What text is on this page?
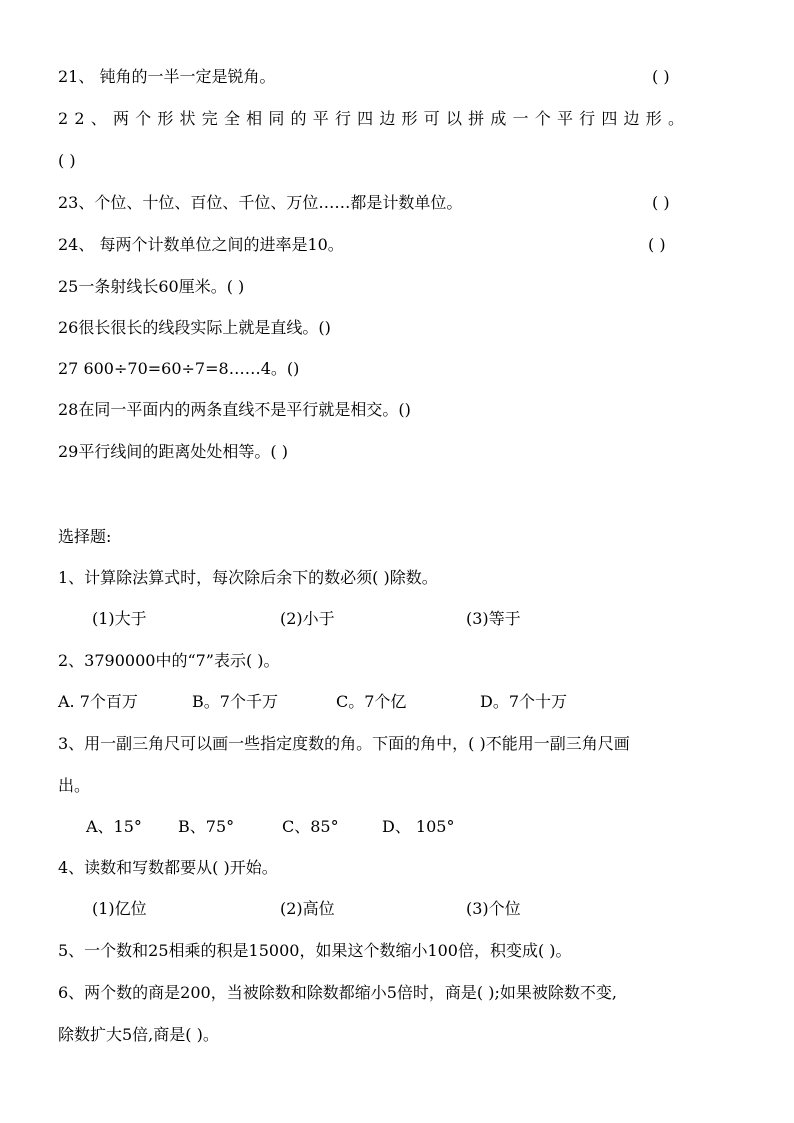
21、 钝角的一半一定是锐角。	( )
22、两个形状完全相同的平行四边形可以拼成一个平行四边形。
( )
23、个位、十位、百位、千位、万位……都是计数单位。	( )
24、 每两个计数单位之间的进率是10。	( )
25一条射线长60厘米。( )
26很长很长的线段实际上就是直线。()
27 600÷70=60÷7=8……4。()
28在同一平面内的两条直线不是平行就是相交。()
29平行线间的距离处处相等。( )
选择题:
1、计算除法算式时，每次除后余下的数必须( )除数。
(1)大于	(2)小于	(3)等于
2、3790000中的“7”表示( )。
A. 7个百万	B。7个千万	C。7个亿	D。7个十万
3、用一副三角尺可以画一些指定度数的角。下面的角中，( )不能用一副三角尺画
出。
A、15° B、75°	C、85°	D、 105°
4、读数和写数都要从( )开始。
(1)亿位	(2)高位	(3)个位
5、一个数和25相乘的积是15000，如果这个数缩小100倍，积变成( )。
6、两个数的商是200，当被除数和除数都缩小5倍时，商是( );如果被除数不变,
除数扩大5倍,商是( )。
